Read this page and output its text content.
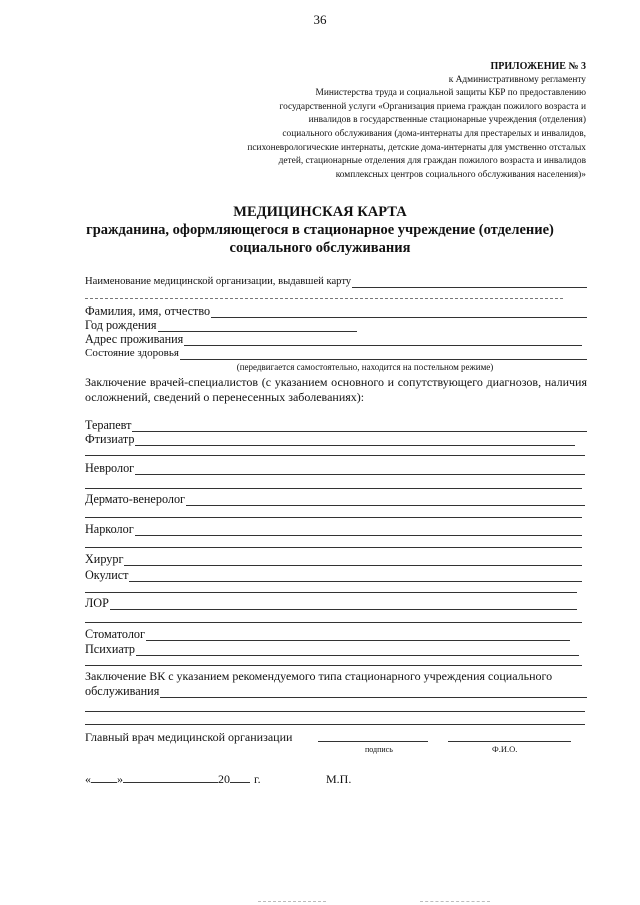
36
ПРИЛОЖЕНИЕ № 3
к Административному регламенту
Министерства труда и социальной защиты КБР по предоставлению
государственной услуги «Организация приема граждан пожилого возраста и
инвалидов в государственные стационарные учреждения (отделения)
социального обслуживания (дома-интернаты для престарелых и инвалидов,
психоневрологические интернаты, детские дома-интернаты для умственно отсталых
детей, стационарные отделения для граждан пожилого возраста и инвалидов
комплексных центров социального обслуживания населения)»
МЕДИЦИНСКАЯ КАРТА
гражданина, оформляющегося в стационарное учреждение (отделение)
социального обслуживания
Наименование медицинской организации, выдавшей карту
Фамилия, имя, отчество
Год рождения
Адрес проживания
Состояние здоровья
(передвигается самостоятельно, находится на постельном режиме)
Заключение врачей-специалистов (с указанием основного и сопутствующего диагнозов, наличия осложнений, сведений о перенесенных заболеваниях):
Терапевт
Фтизиатр
Невролог
Дермато-венеролог
Нарколог
Хирург
Окулист
ЛОР
Стоматолог
Психиатр
Заключение ВК с указанием рекомендуемого типа стационарного учреждения социального
обслуживания
Главный врач медицинской организации
подпись	Ф.И.О.
« »	20 г.	М.П.
